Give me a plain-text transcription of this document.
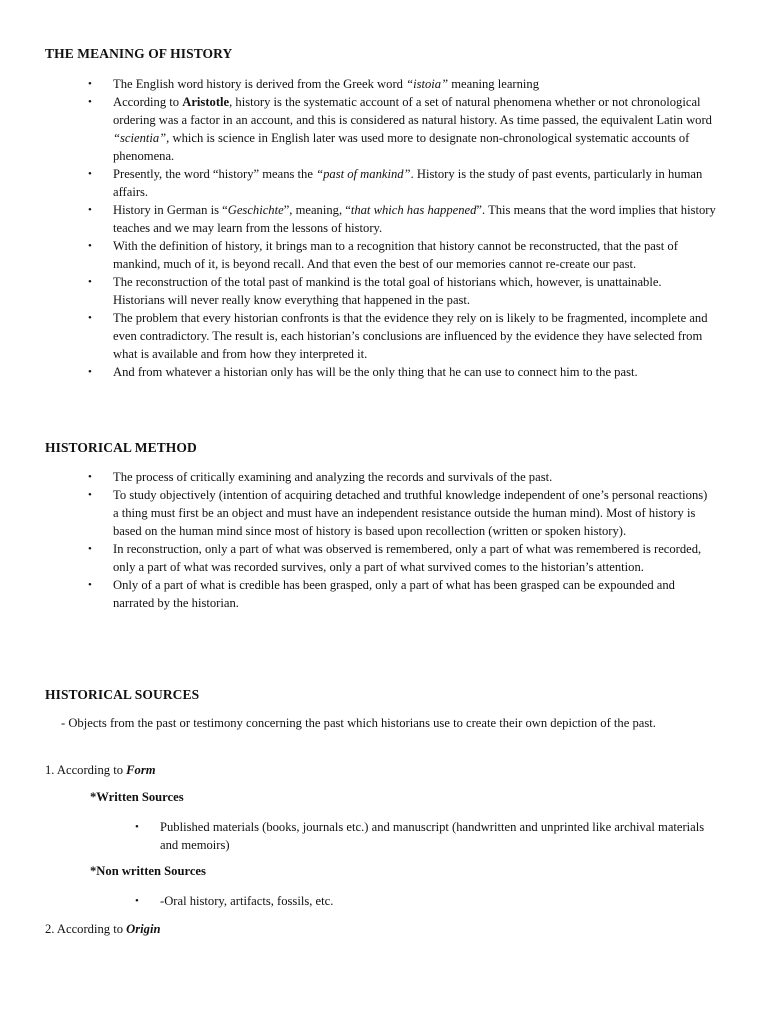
THE MEANING OF HISTORY
•	The English word history is derived from the Greek word “istoia” meaning learning
•	According to Aristotle, history is the systematic account of a set of natural phenomena whether or not chronological ordering was a factor in an account, and this is considered as natural history. As time passed, the equivalent Latin word “scientia”, which is science in English later was used more to designate non-chronological systematic accounts of phenomena.
•	Presently, the word “history” means the “past of mankind”. History is the study of past events, particularly in human affairs.
•	History in German is “Geschichte”, meaning, “that which has happened”. This means that the word implies that history teaches and we may learn from the lessons of history.
•	With the definition of history, it brings man to a recognition that history cannot be reconstructed, that the past of mankind, much of it, is beyond recall. And that even the best of our memories cannot re-create our past.
•	The reconstruction of the total past of mankind is the total goal of historians which, however, is unattainable. Historians will never really know everything that happened in the past.
•	The problem that every historian confronts is that the evidence they rely on is likely to be fragmented, incomplete and even contradictory. The result is, each historian’s conclusions are influenced by the evidence they have selected from what is available and from how they interpreted it.
•	And from whatever a historian only has will be the only thing that he can use to connect him to the past.
HISTORICAL METHOD
•	The process of critically examining and analyzing the records and survivals of the past.
•	To study objectively (intention of acquiring detached and truthful knowledge independent of one’s personal reactions) a thing must first be an object and must have an independent resistance outside the human mind). Most of history is based on the human mind since most of history is based upon recollection (written or spoken history).
•	In reconstruction, only a part of what was observed is remembered, only a part of what was remembered is recorded, only a part of what was recorded survives, only a part of what survived comes to the historian’s attention.
•	Only of a part of what is credible has been grasped, only a part of what has been grasped can be expounded and narrated by the historian.
HISTORICAL SOURCES
- Objects from the past or testimony concerning the past which historians use to create their own depiction of the past.
1. According to Form
*Written Sources
•	Published materials (books, journals etc.) and manuscript (handwritten and unprinted like archival materials and memoirs)
*Non written Sources
•	-Oral history, artifacts, fossils, etc.
2. According to Origin
